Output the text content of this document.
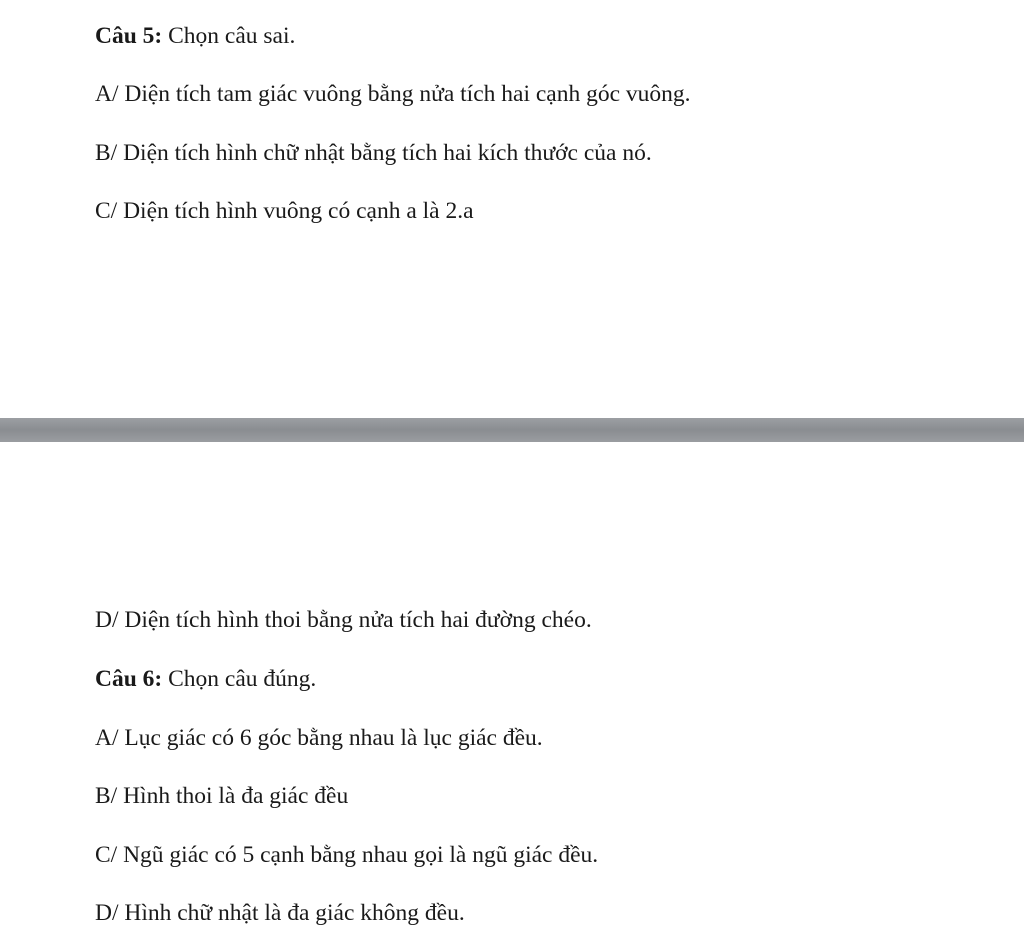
Câu 5: Chọn câu sai.
A/ Diện tích tam giác vuông bằng nửa tích hai cạnh góc vuông.
B/ Diện tích hình chữ nhật bằng tích hai kích thước của nó.
C/ Diện tích hình vuông có cạnh a là 2.a
D/ Diện tích hình thoi bằng nửa tích hai đường chéo.
Câu 6: Chọn câu đúng.
A/ Lục giác có 6 góc bằng nhau là lục giác đều.
B/ Hình thoi là đa giác đều
C/ Ngũ giác có 5 cạnh bằng nhau gọi là ngũ giác đều.
D/ Hình chữ nhật là đa giác không đều.
